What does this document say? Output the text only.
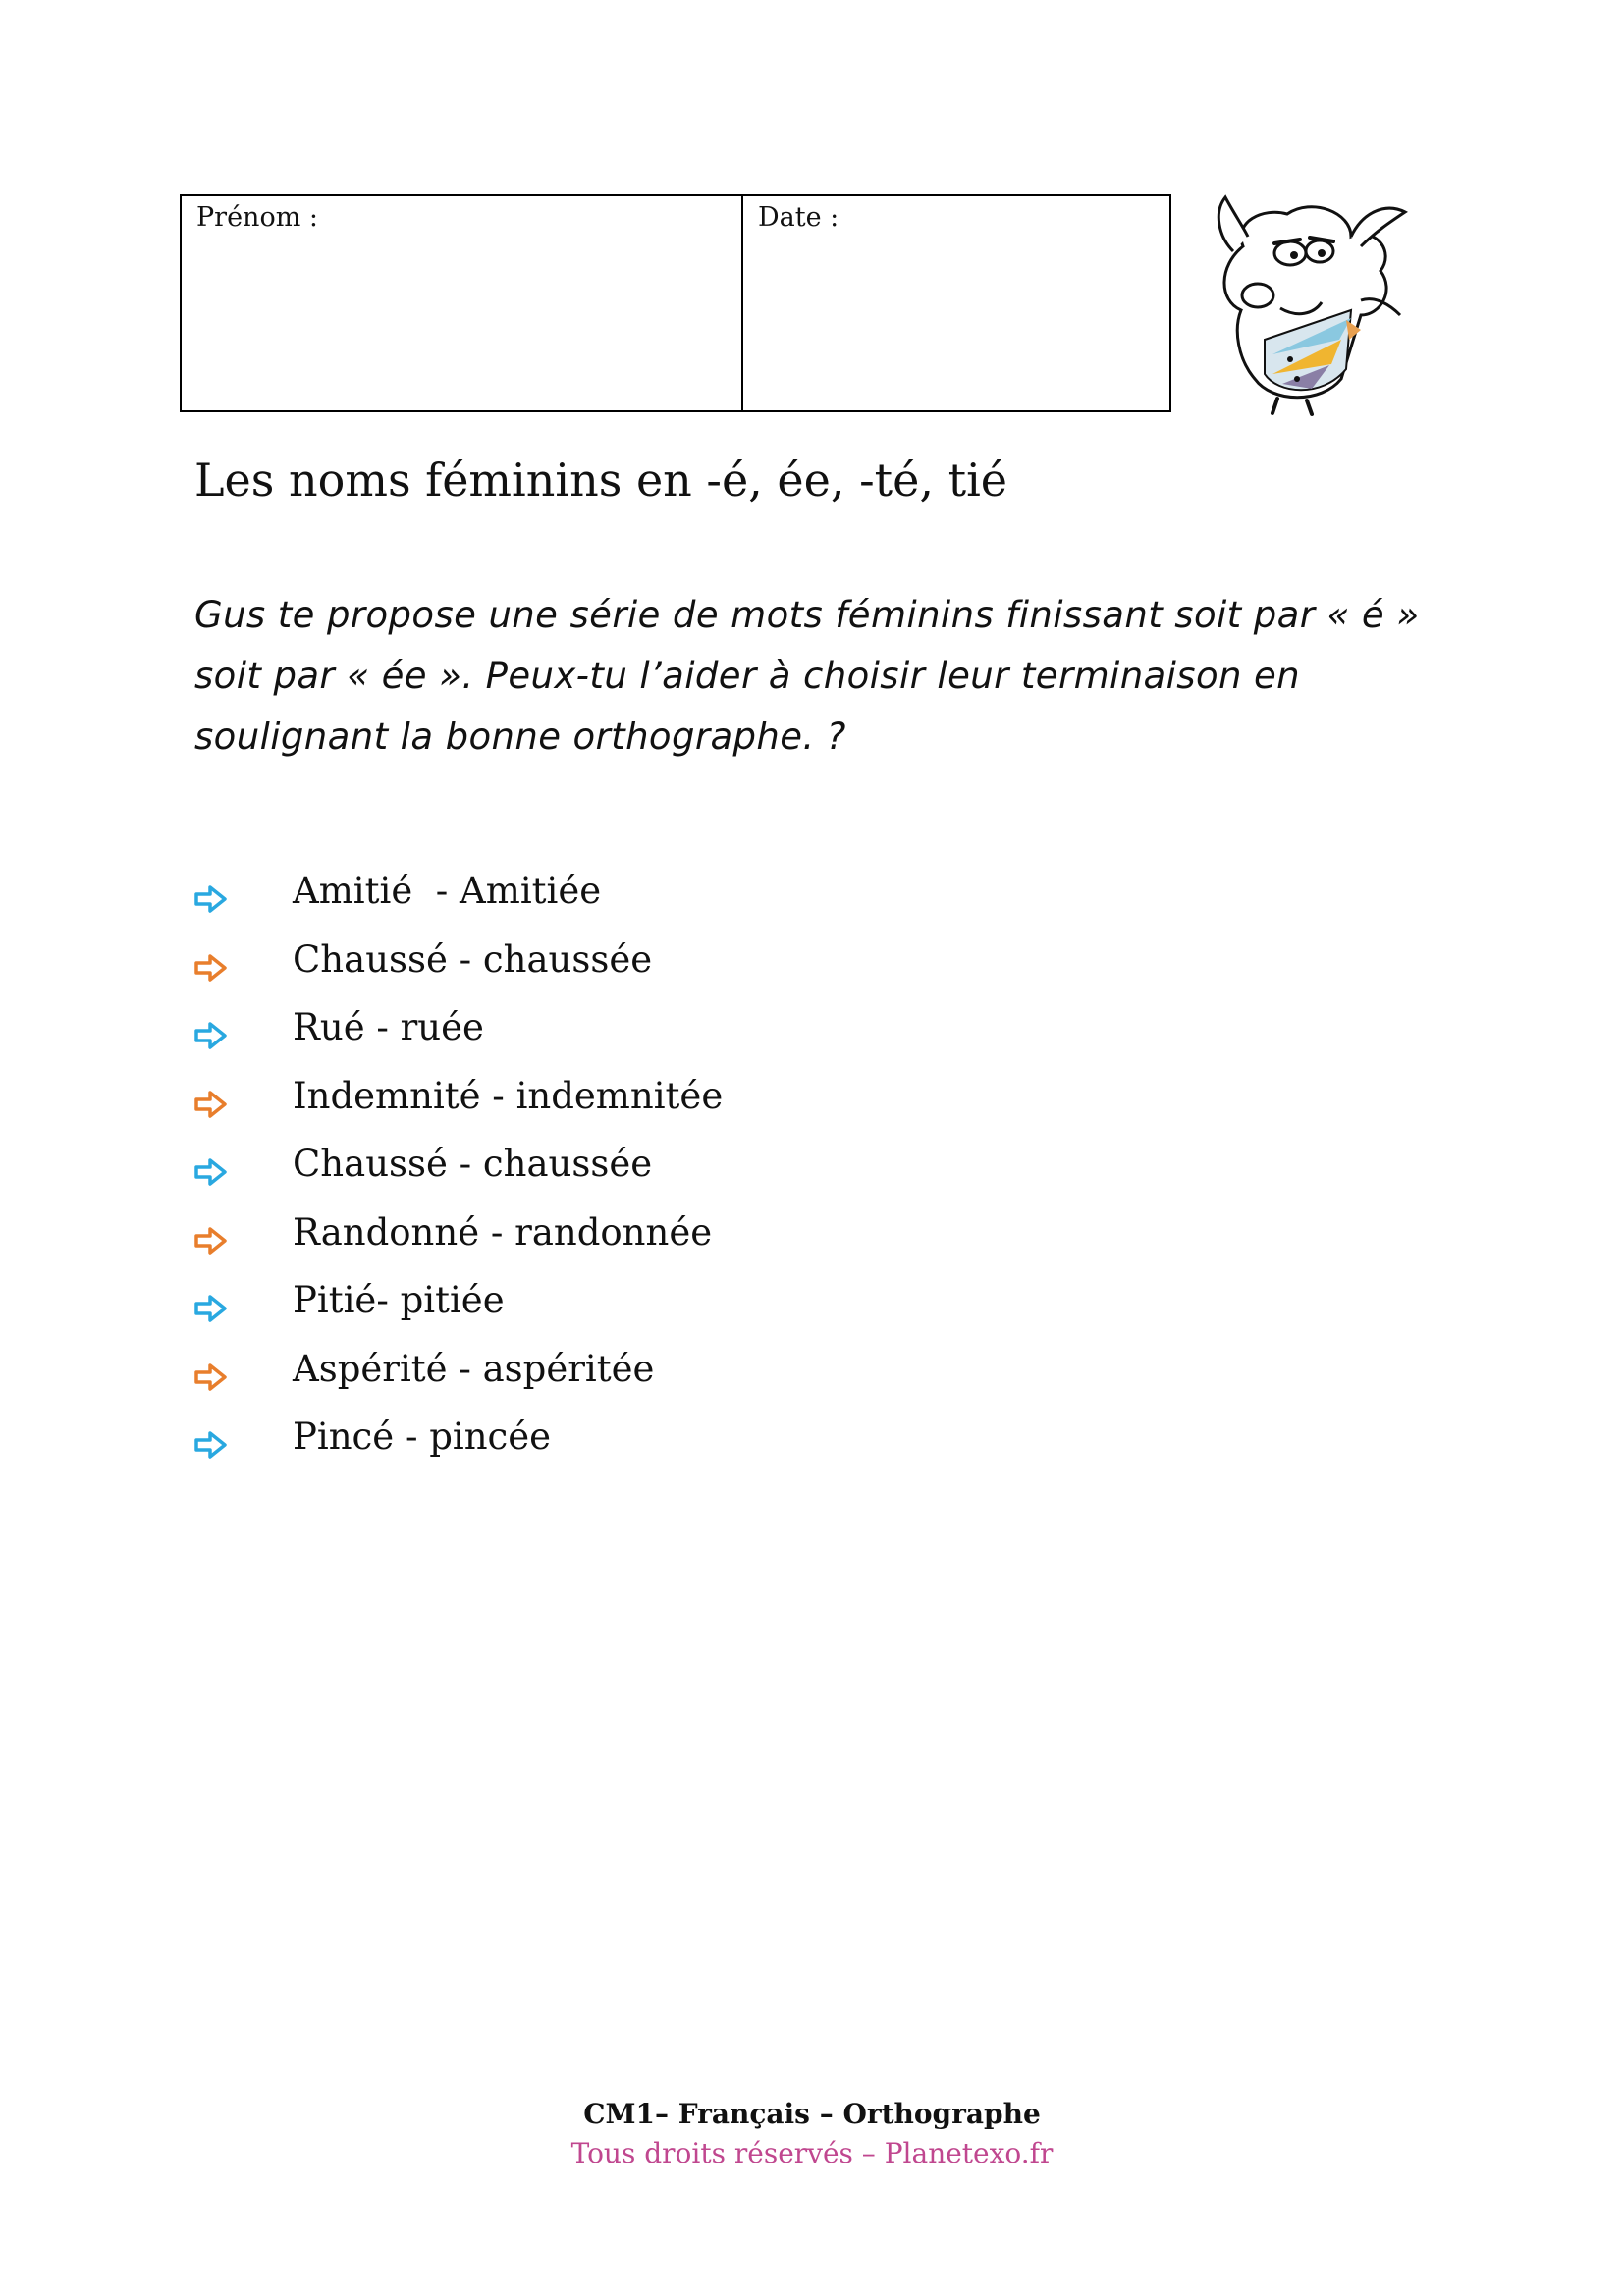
Prénom :	Date :
Les noms féminins en -é, ée, -té, tié
Gus te propose une série de mots féminins finissant soit par « é » soit par « ée ». Peux-tu l’aider à choisir leur terminaison en soulignant la bonne orthographe. ?
Amitié  - Amitiée
Chaussé - chaussée
Rué - ruée
Indemnité - indemnitée
Chaussé - chaussée
Randonné - randonnée
Pitié- pitiée
Aspérité - aspéritée
Pincé - pincée
CM1– Français – Orthographe
Tous droits réservés – Planetexo.fr
